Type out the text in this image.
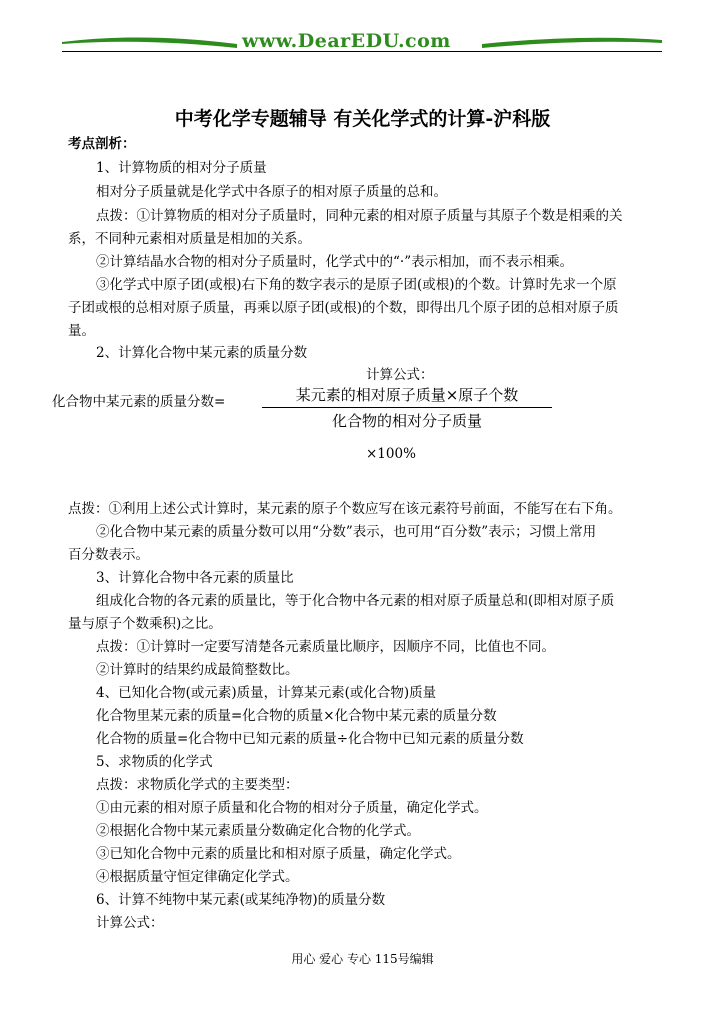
www.DearEDU.com
中考化学专题辅导 有关化学式的计算-沪科版
考点剖析：
1、计算物质的相对分子质量
相对分子质量就是化学式中各原子的相对原子质量的总和。
点拨：①计算物质的相对分子质量时，同种元素的相对原子质量与其原子个数是相乘的关
系，不同种元素相对质量是相加的关系。
②计算结晶水合物的相对分子质量时，化学式中的“·”表示相加，而不表示相乘。
③化学式中原子团(或根)右下角的数字表示的是原子团(或根)的个数。计算时先求一个原
子团或根的总相对原子质量，再乘以原子团(或根)的个数，即得出几个原子团的总相对原子质
量。
2、计算化合物中某元素的质量分数
计算公式：
化合物中某元素的质量分数=	某元素的相对原子质量×原子个数
化合物的相对分子质量
×100%
点拨：①利用上述公式计算时，某元素的原子个数应写在该元素符号前面，不能写在右下角。
②化合物中某元素的质量分数可以用“分数”表示，也可用“百分数”表示；习惯上常用
百分数表示。
3、计算化合物中各元素的质量比
组成化合物的各元素的质量比，等于化合物中各元素的相对原子质量总和(即相对原子质
量与原子个数乘积)之比。
点拨：①计算时一定要写清楚各元素质量比顺序，因顺序不同，比值也不同。
②计算时的结果约成最简整数比。
4、已知化合物(或元素)质量，计算某元素(或化合物)质量
化合物里某元素的质量=化合物的质量×化合物中某元素的质量分数
化合物的质量=化合物中已知元素的质量÷化合物中已知元素的质量分数
5、求物质的化学式
点拨：求物质化学式的主要类型：
①由元素的相对原子质量和化合物的相对分子质量，确定化学式。
②根据化合物中某元素质量分数确定化合物的化学式。
③已知化合物中元素的质量比和相对原子质量，确定化学式。
④根据质量守恒定律确定化学式。
6、计算不纯物中某元素(或某纯净物)的质量分数
计算公式：
用心 爱心 专心 115号编辑
